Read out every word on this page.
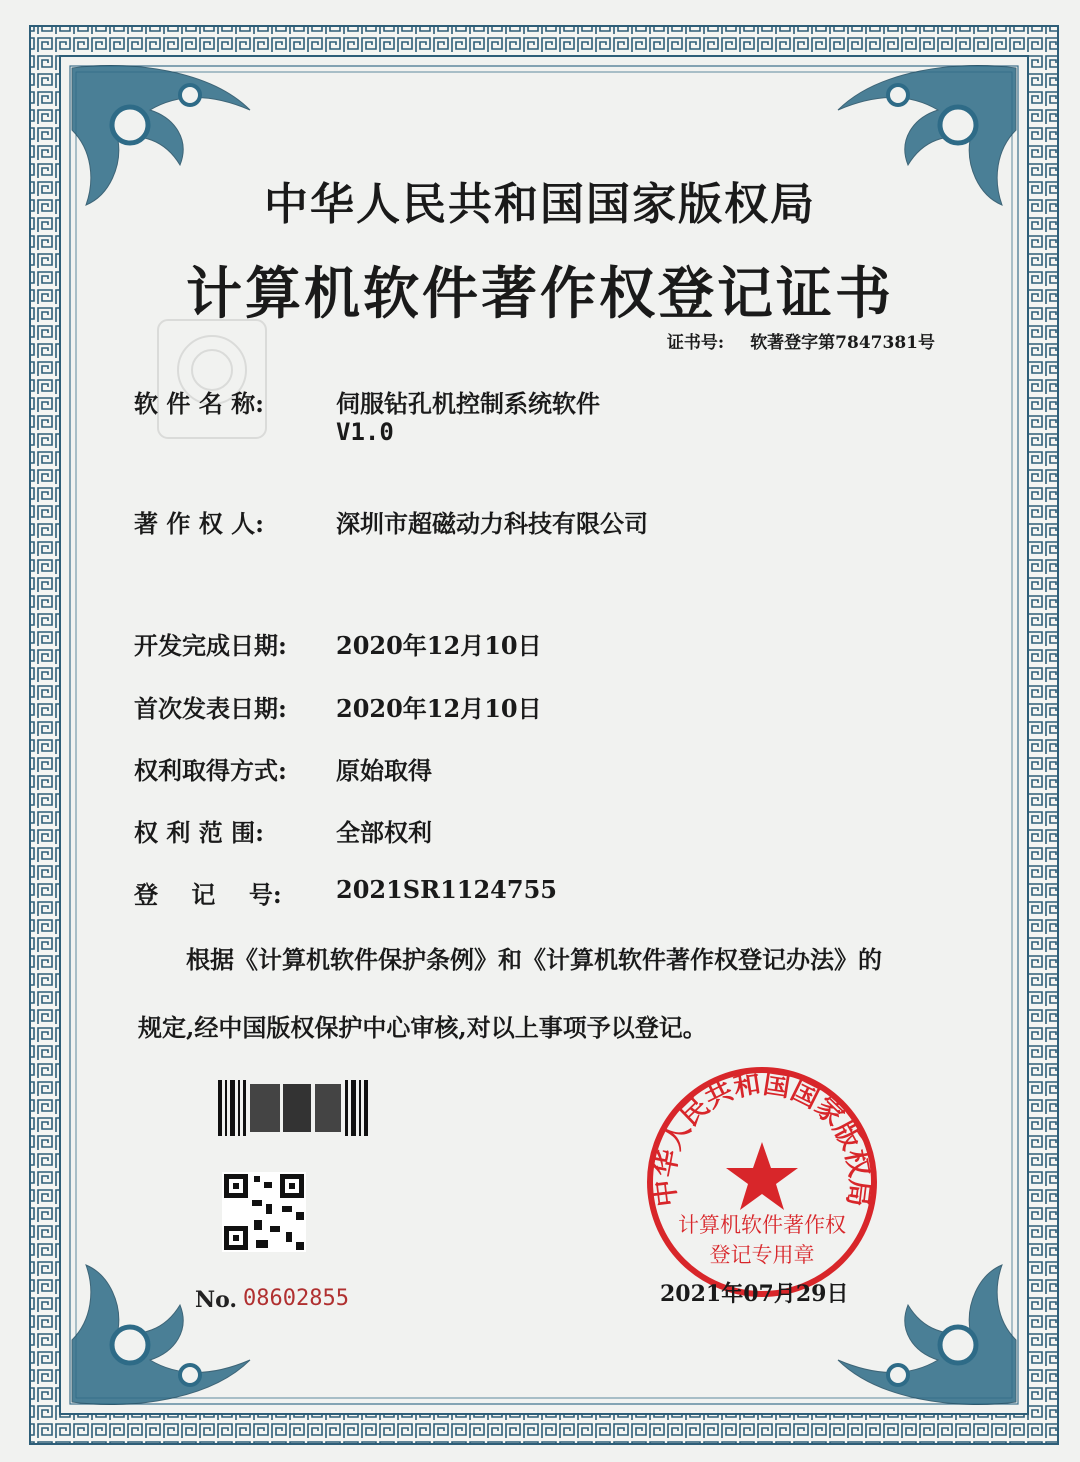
中华人民共和国国家版权局
计算机软件著作权登记证书
证书号: 软著登字第7847381号
软 件 名 称:	伺服钻孔机控制系统软件
V1.0
著 作 权 人:	深圳市超磁动力科技有限公司
开发完成日期: 2020年12月10日
首次发表日期: 2020年12月10日
权利取得方式: 原始取得
权 利 范 围:	全部权利
登    记    号: 2021SR1124755
根据《计算机软件保护条例》和《计算机软件著作权登记办法》的
规定,经中国版权保护中心审核,对以上事项予以登记。
中华人民共和国国家版权局
计算机软件著作权
登记专用章
No. 08602855	2021年07月29日
